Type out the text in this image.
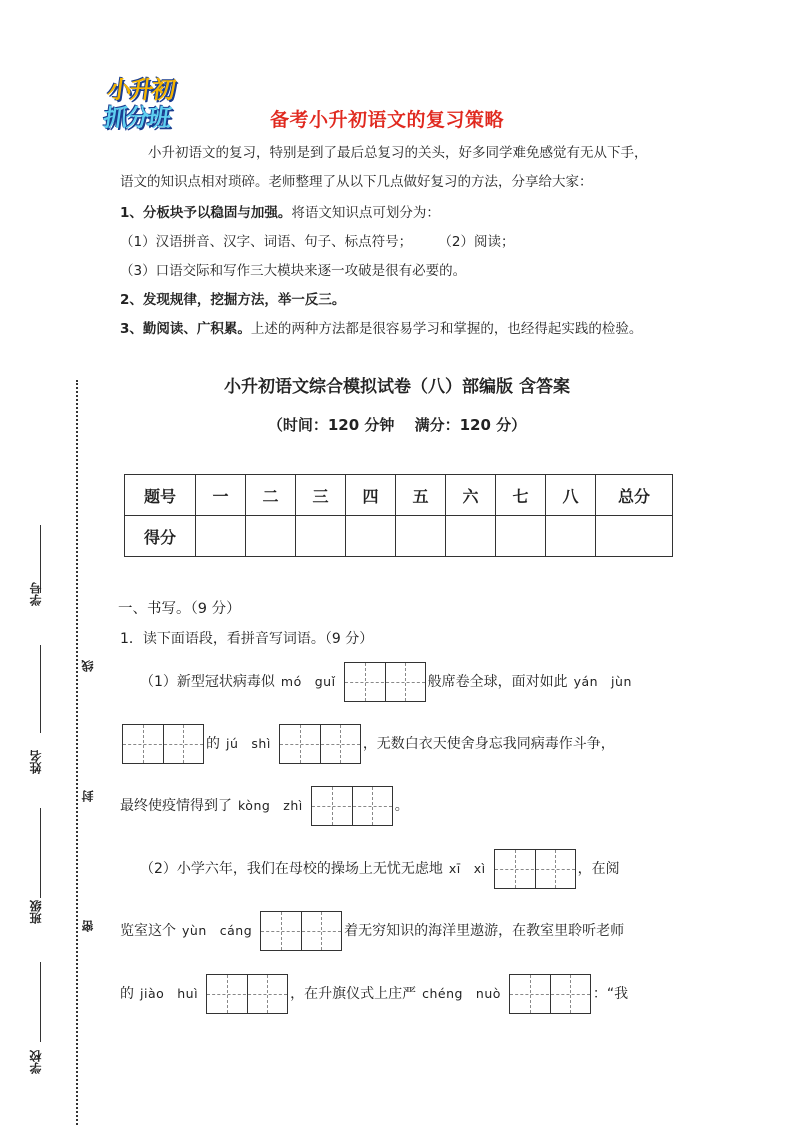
小升初
抓分班	备考小升初语文的复习策略
小升初语文的复习，特别是到了最后总复习的关头，好多同学难免感觉有无从下手，
语文的知识点相对琐碎。老师整理了从以下几点做好复习的方法，分享给大家：
1、分板块予以稳固与加强。将语文知识点可划分为：
（1）汉语拼音、汉字、词语、句子、标点符号； （2）阅读；
（3）口语交际和写作三大模块来逐一攻破是很有必要的。
2、发现规律，挖掘方法，举一反三。
3、勤阅读、广积累。上述的两种方法都是很容易学习和掌握的，也经得起实践的检验。
小升初语文综合模拟试卷（八）部编版 含答案
（时间：120 分钟　 满分：120 分）
题号	一	二	三	四	五	六	七	八	总分
得分									
学号
姓名
班级
学校
线
封
密
一、书写。（9 分）
1．读下面语段，看拼音写词语。（9 分）
（1）新型冠状病毒似 mó　guǐ	般席卷全球，面对如此 yán　jùn
的 jú　shì	，无数白衣天使舍身忘我同病毒作斗争，
最终使疫情得到了 kòng　zhì	。
（2）小学六年，我们在母校的操场上无忧无虑地 xī　xì	，在阅
览室这个 yùn　cáng	着无穷知识的海洋里遨游，在教室里聆听老师
的 jiào　huì	，在升旗仪式上庄严 chéng　nuò	：“我
